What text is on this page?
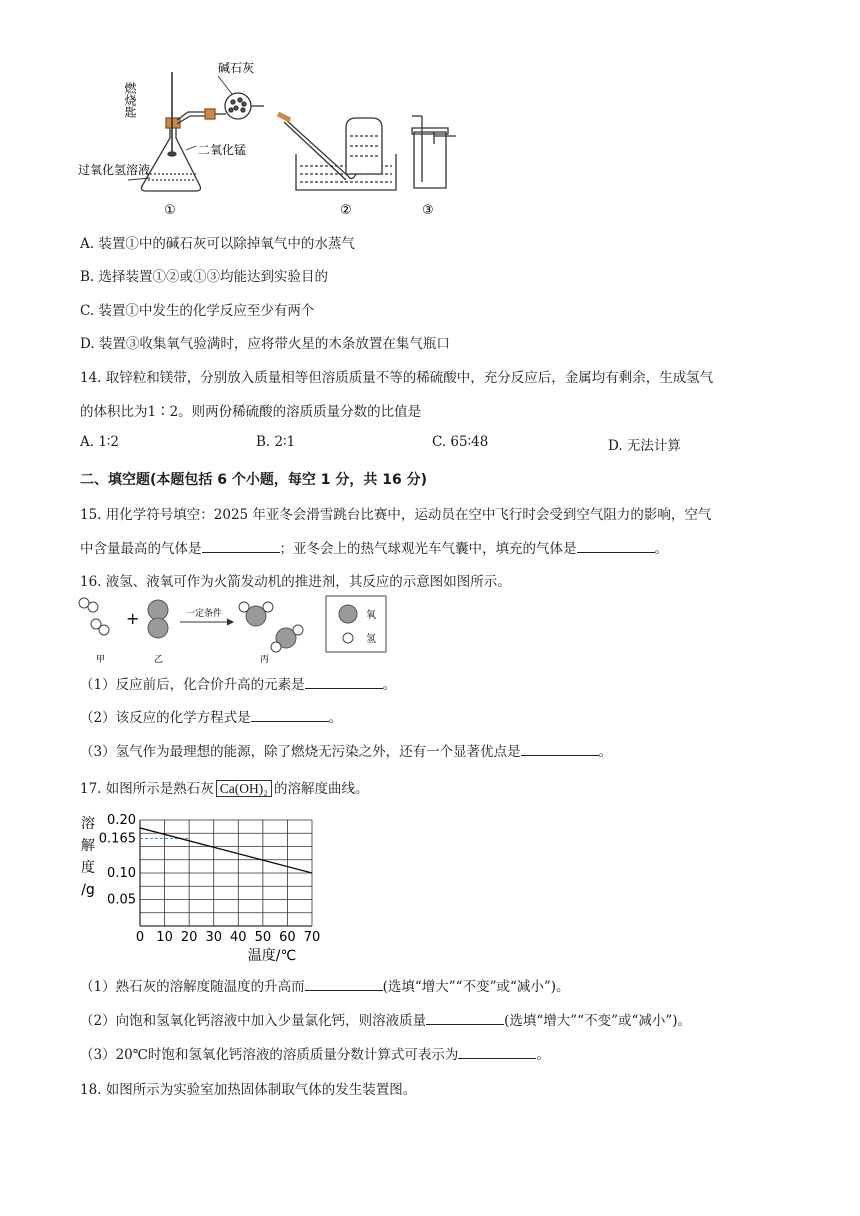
燃烧匙
碱石灰
二氧化锰
过氧化氢溶液
①	②	③
A. 装置①中的碱石灰可以除掉氧气中的水蒸气
B. 选择装置①②或①③均能达到实验目的
C. 装置①中发生的化学反应至少有两个
D. 装置③收集氧气验满时，应将带火星的木条放置在集气瓶口
14. 取锌粒和镁带，分别放入质量相等但溶质质量不等的稀硫酸中，充分反应后，金属均有剩余，生成氢气
的体积比为1∶2。则两份稀硫酸的溶质质量分数的比值是
A. 1∶2	B. 2∶1	C. 65∶48	D. 无法计算
二、填空题(本题包括 6 个小题，每空 1 分，共 16 分)
15. 用化学符号填空：2025 年亚冬会滑雪跳台比赛中，运动员在空中飞行时会受到空气阻力的影响，空气
中含量最高的气体是	；亚冬会上的热气球观光车气囊中，填充的气体是	。
16. 液氢、液氧可作为火箭发动机的推进剂，其反应的示意图如图所示。
+	一定条件
甲	乙	丙
氧
氢
（1）反应前后，化合价升高的元素是	。
（2）该反应的化学方程式是	。
（3）氢气作为最理想的能源，除了燃烧无污染之外，还有一个显著优点是	。
17. 如图所示是熟石灰 Ca(OH)₂ 的溶解度曲线。
0 10 20 30 40 50 60 70
0.20
0.165
0.10
0.05
溶
解
度
/g
温度/℃
（1）熟石灰的溶解度随温度的升高而	(选填“增大”“不变”或“减小”)。
（2）向饱和氢氧化钙溶液中加入少量氯化钙，则溶液质量	(选填“增大”“不变”或“减小”)。
（3）20℃时饱和氢氧化钙溶液的溶质质量分数计算式可表示为	。
18. 如图所示为实验室加热固体制取气体的发生装置图。
